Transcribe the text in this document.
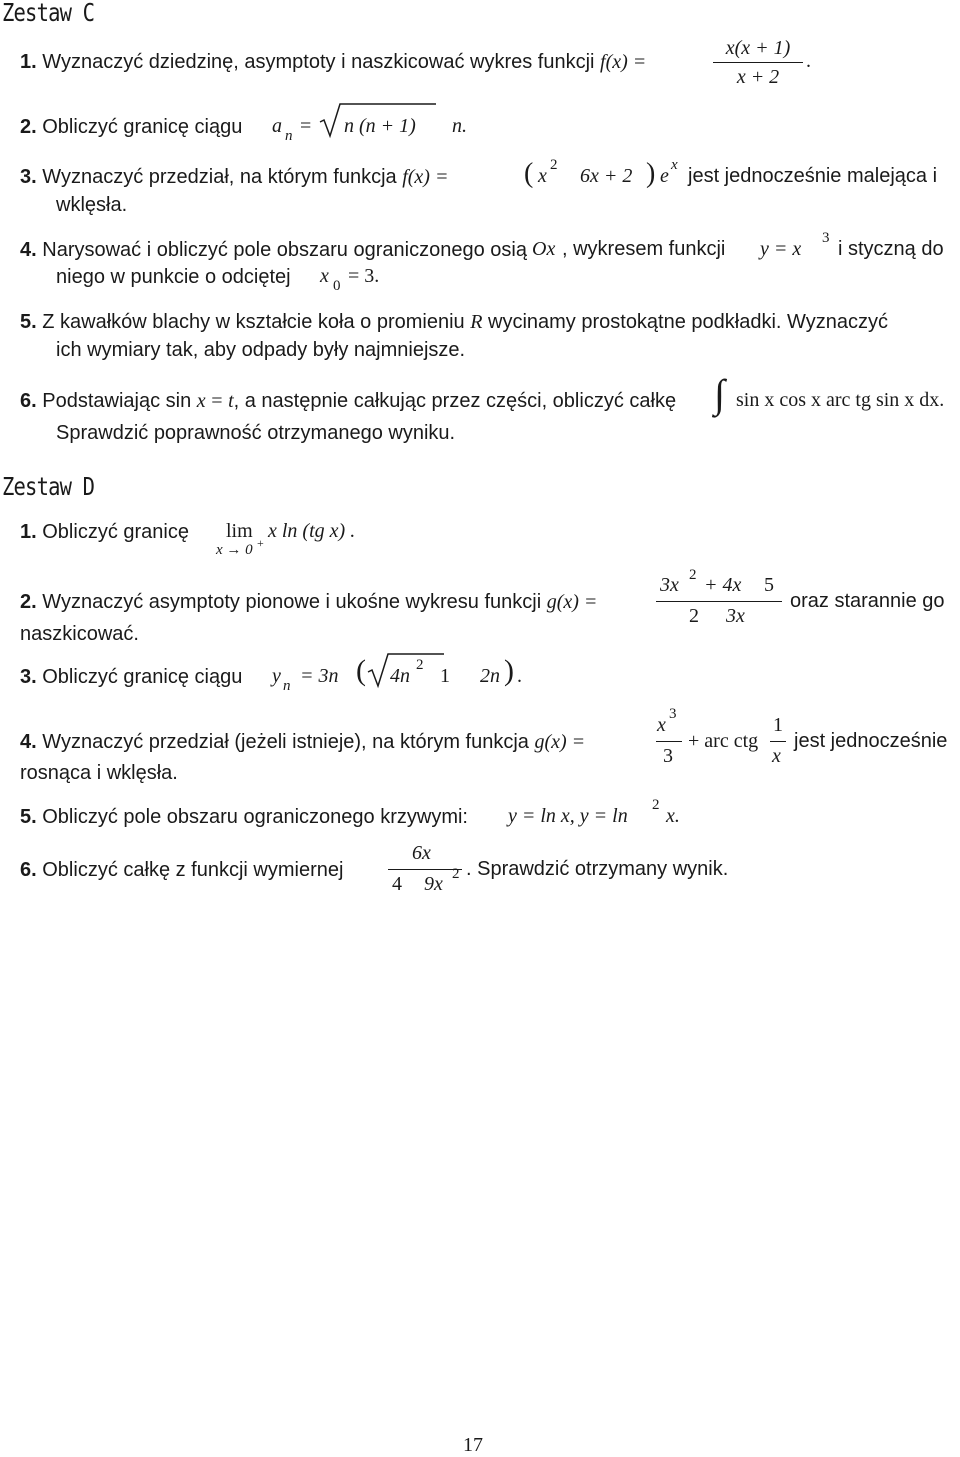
Zestaw C
1. Wyznaczyć dziedzinę, asymptoty i naszkicować wykres funkcji f(x) =
x(x + 1)
x + 2
.
2. Obliczyć granicę ciągu a n = n (n + 1) n.
3. Wyznaczyć przedział, na którym funkcja f(x) =	( x 2 6x + 2 ) e x jest jednocześnie malejąca i
wklęsła.
4. Narysować i obliczyć pole obszaru ograniczonego osią Ox , wykresem funkcji y = x 3 i styczną do
niego w punkcie o odciętej x 0 = 3.
5. Z kawałków blachy w kształcie koła o promieniu R wycinamy prostokątne podkładki. Wyznaczyć
ich wymiary tak, aby odpady były najmniejsze.
6. Podstawiając sin x = t, a następnie całkując przez części, obliczyć całkę ∫ sin x cos x arc tg sin x dx.
Sprawdzić poprawność otrzymanego wyniku.
Zestaw D
1. Obliczyć granicę lim
x → 0 +
x ln (tg x) .
2. Wyznaczyć asymptoty pionowe i ukośne wykresu funkcji g(x) =
3x 2 + 4x 5
2 3x
oraz starannie go
naszkicować.
3. Obliczyć granicę ciągu y n = 3n ( 4n 2 1 2n ) .
4. Wyznaczyć przedział (jeżeli istnieje), na którym funkcja g(x) =
x 3
3
+ arc ctg
1
x
jest jednocześnie
rosnąca i wklęsła.
5. Obliczyć pole obszaru ograniczonego krzywymi: y = ln x, y = ln 2 x.
6. Obliczyć całkę z funkcji wymiernej
6x
4 9x 2 . Sprawdzić otrzymany wynik.
17
